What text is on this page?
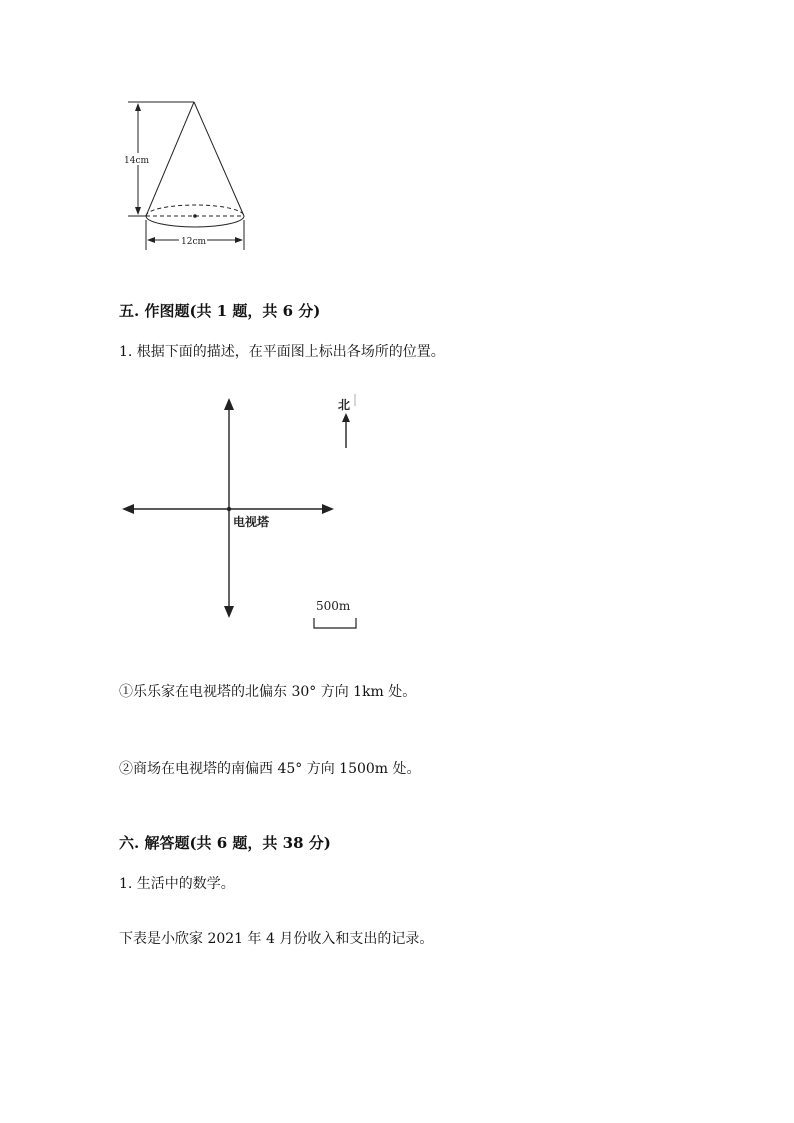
14cm
12cm
五. 作图题(共 1 题，共 6 分)
1. 根据下面的描述，在平面图上标出各场所的位置。
电视塔
北
500m
①乐乐家在电视塔的北偏东 30° 方向 1km 处。
②商场在电视塔的南偏西 45° 方向 1500m 处。
六. 解答题(共 6 题，共 38 分)
1. 生活中的数学。
下表是小欣家 2021 年 4 月份收入和支出的记录。
